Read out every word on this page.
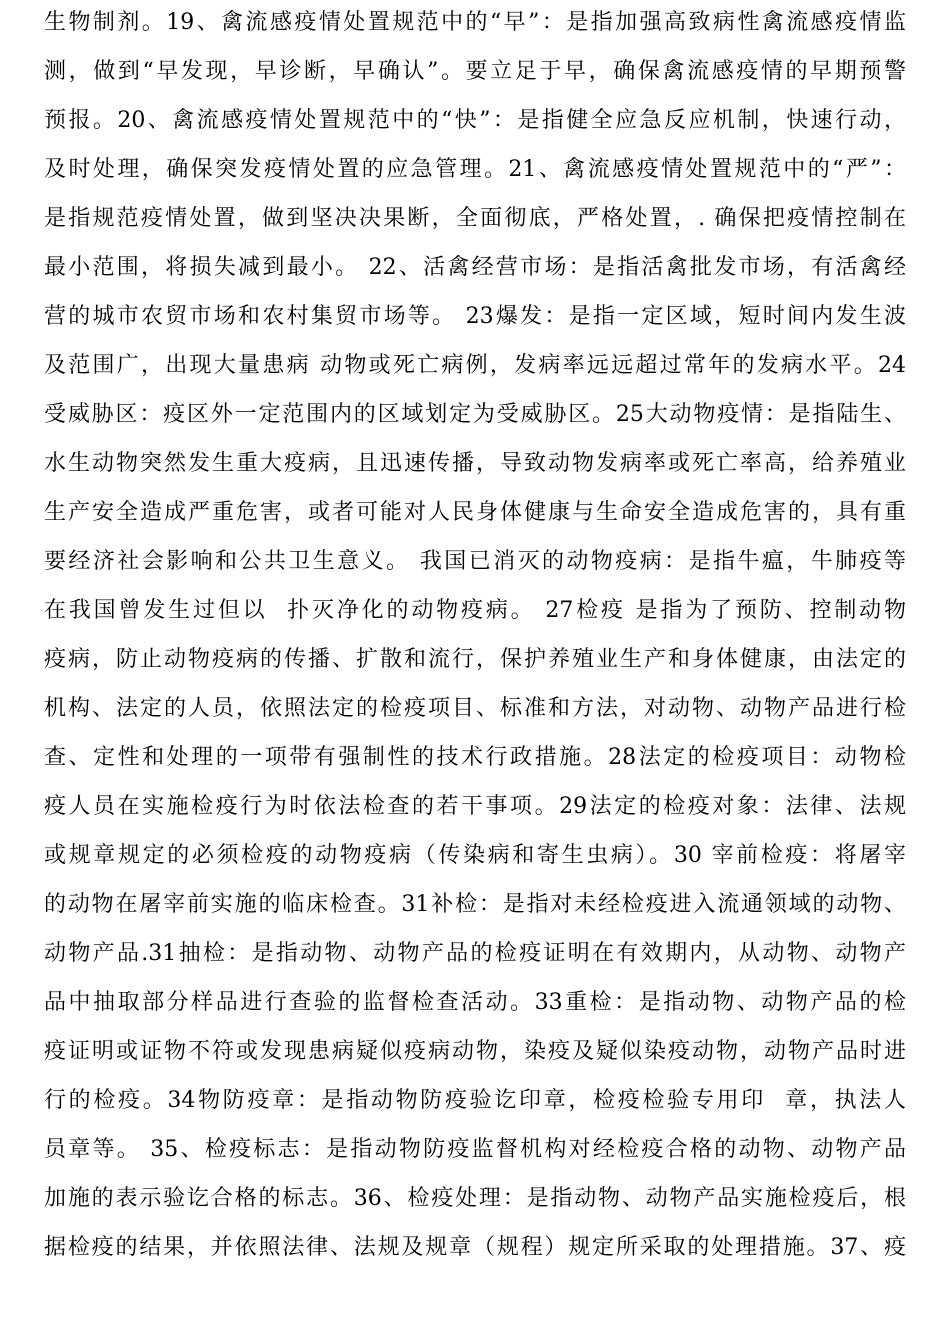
生物制剂。19、禽流感疫情处置规范中的“早”：是指加强高致病性禽流感疫情监
测，做到“早发现，早诊断，早确认”。要立足于早，确保禽流感疫情的早期预警
预报。20、禽流感疫情处置规范中的“快”：是指健全应急反应机制，快速行动，
及时处理，确保突发疫情处置的应急管理。21、禽流感疫情处置规范中的“严”：
是指规范疫情处置，做到坚决决果断，全面彻底，严格处置，. 确保把疫情控制在
最小范围，将损失减到最小。 22、活禽经营市场：是指活禽批发市场，有活禽经
营的城市农贸市场和农村集贸市场等。 23爆发：是指一定区域，短时间内发生波
及范围广，出现大量患病 动物或死亡病例，发病率远远超过常年的发病水平。24
受威胁区：疫区外一定范围内的区域划定为受威胁区。25大动物疫情：是指陆生、
水生动物突然发生重大疫病，且迅速传播，导致动物发病率或死亡率高，给养殖业
生产安全造成严重危害，或者可能对人民身体健康与生命安全造成危害的，具有重
要经济社会影响和公共卫生意义。 我国已消灭的动物疫病：是指牛瘟，牛肺疫等
在我国曾发生过但以  扑灭净化的动物疫病。 27检疫 是指为了预防、控制动物
疫病，防止动物疫病的传播、扩散和流行，保护养殖业生产和身体健康，由法定的
机构、法定的人员，依照法定的检疫项目、标准和方法，对动物、动物产品进行检
查、定性和处理的一项带有强制性的技术行政措施。28法定的检疫项目：动物检
疫人员在实施检疫行为时依法检查的若干事项。29法定的检疫对象：法律、法规
或规章规定的必须检疫的动物疫病（传染病和寄生虫病）。30 宰前检疫：将屠宰
的动物在屠宰前实施的临床检查。31补检：是指对未经检疫进入流通领域的动物、
动物产品.31抽检：是指动物、动物产品的检疫证明在有效期内，从动物、动物产
品中抽取部分样品进行查验的监督检查活动。33重检：是指动物、动物产品的检
疫证明或证物不符或发现患病疑似疫病动物，染疫及疑似染疫动物，动物产品时进
行的检疫。34物防疫章：是指动物防疫验讫印章，检疫检验专用印  章，执法人
员章等。 35、检疫标志：是指动物防疫监督机构对经检疫合格的动物、动物产品
加施的表示验讫合格的标志。36、检疫处理：是指动物、动物产品实施检疫后，根
据检疫的结果，并依照法律、法规及规章（规程）规定所采取的处理措施。37、疫
